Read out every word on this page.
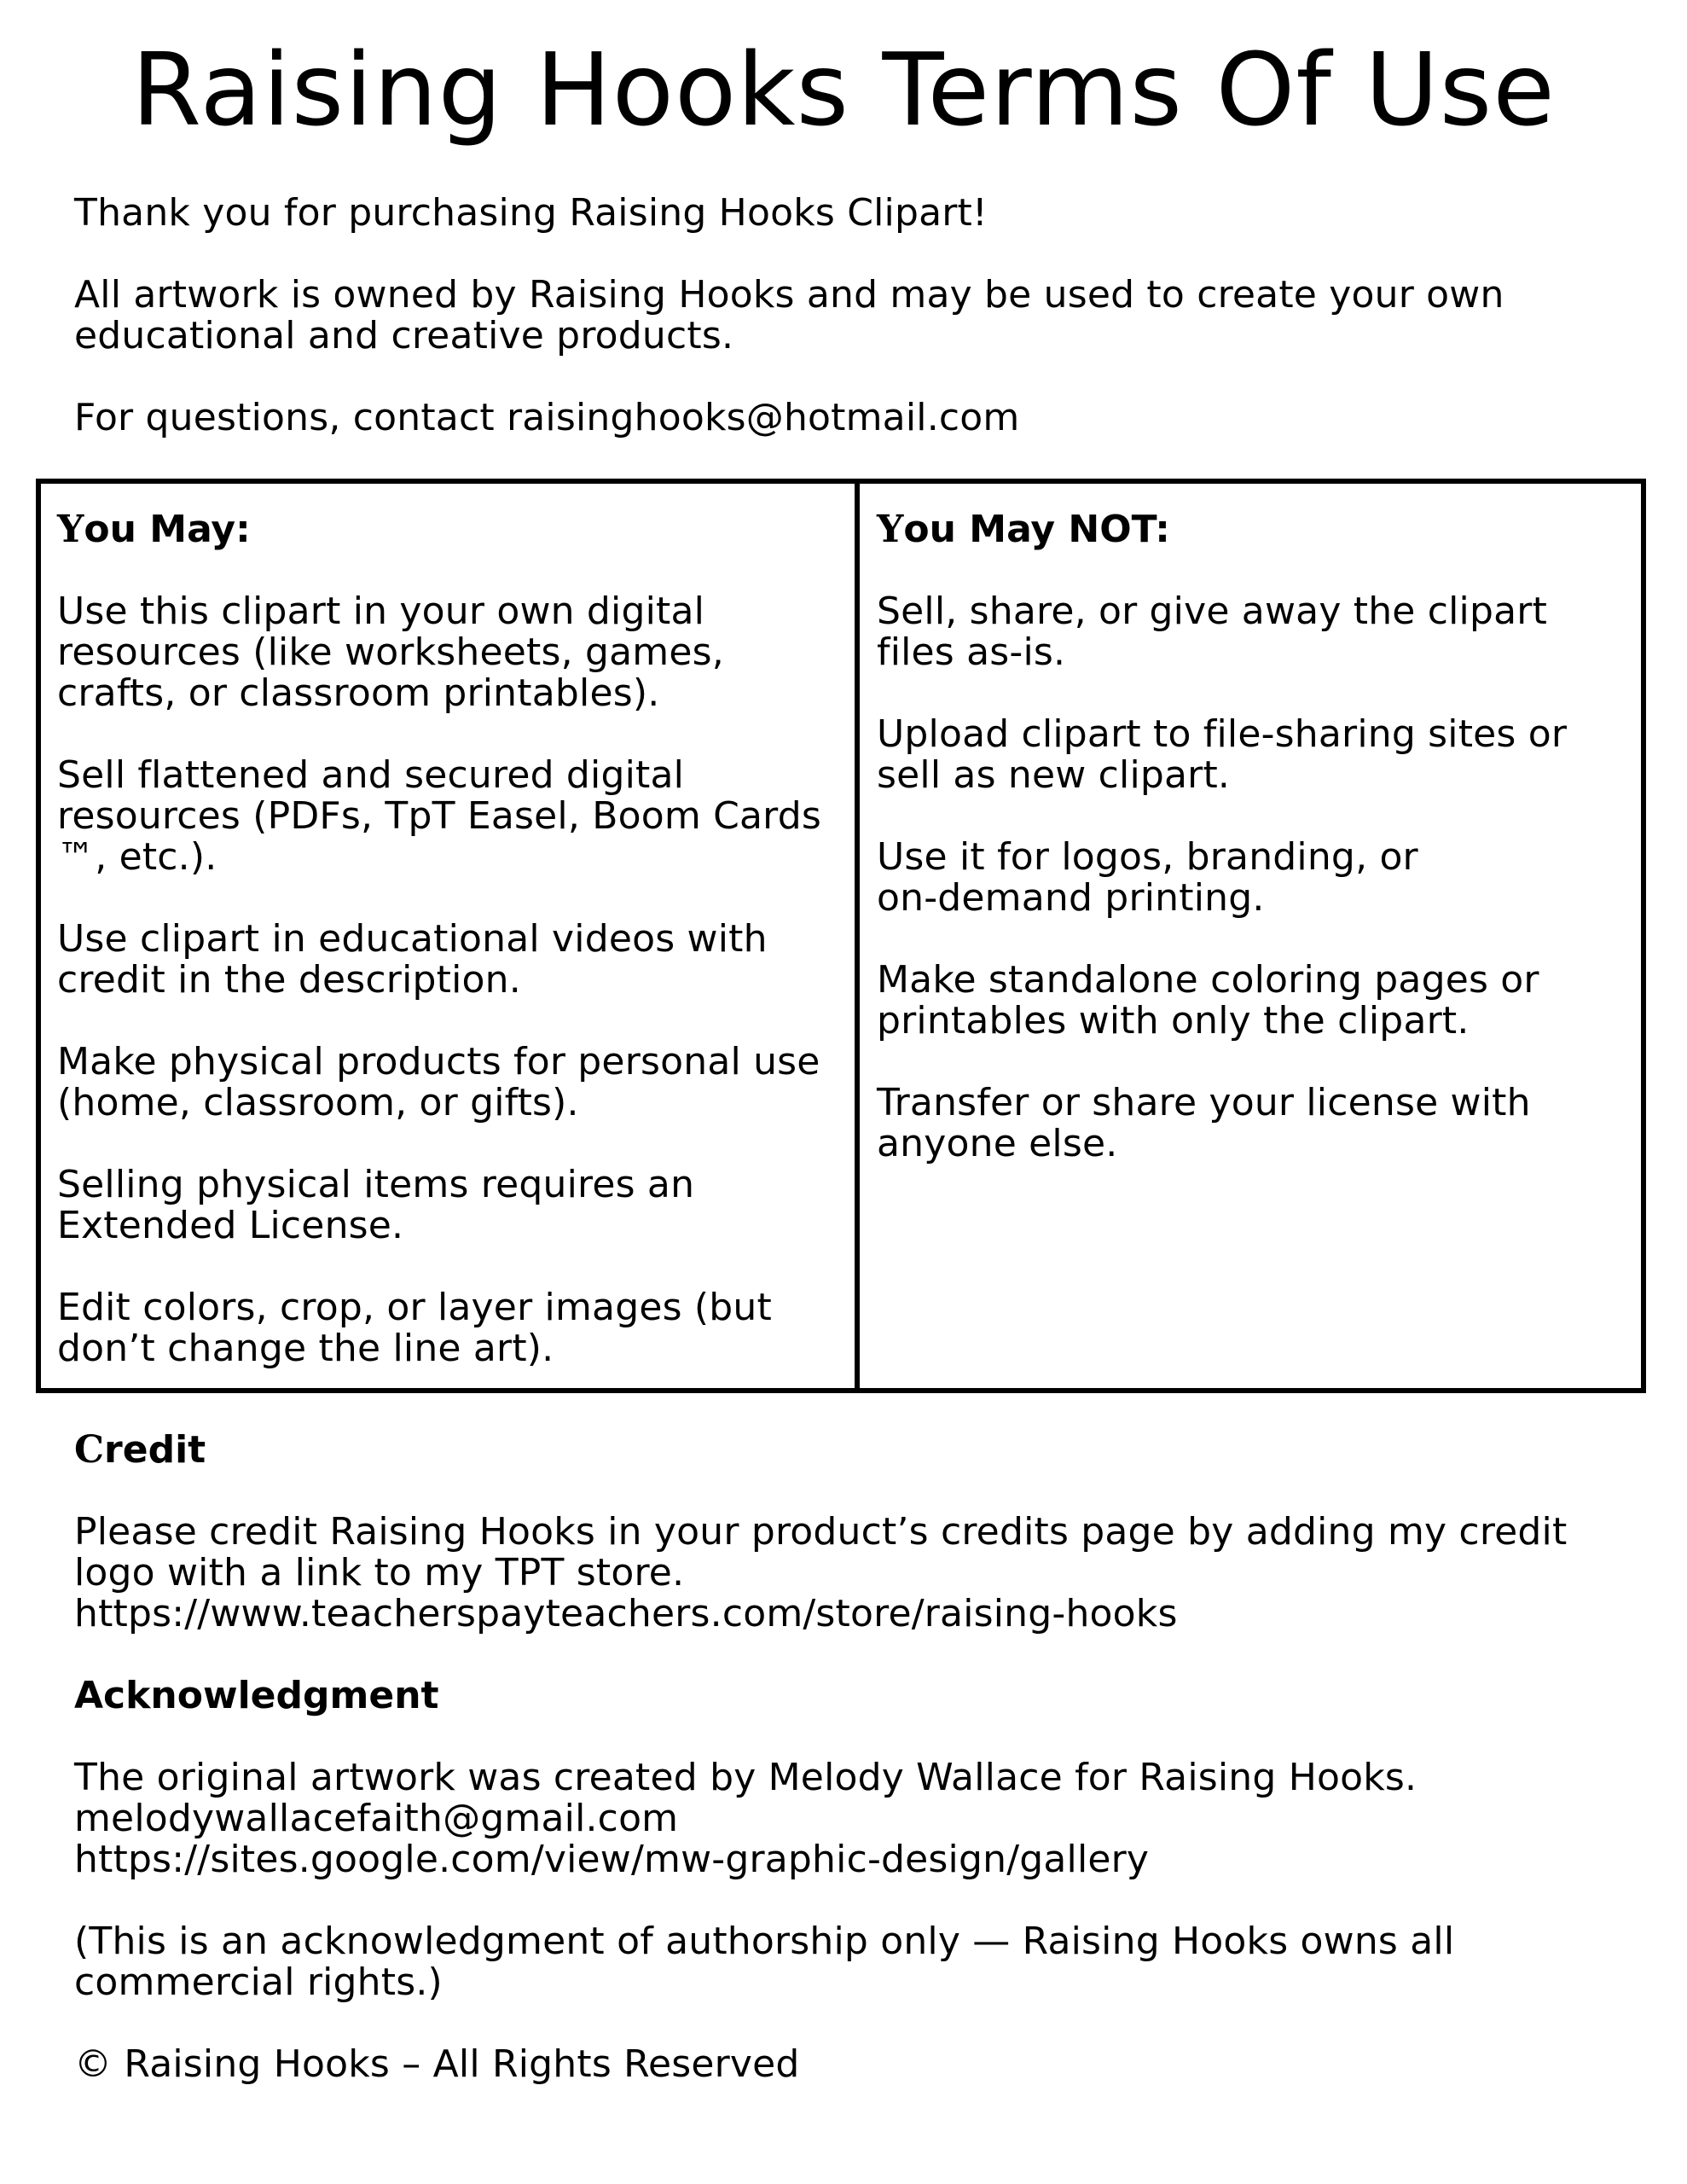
Raising Hooks Terms Of Use

Thank you for purchasing Raising Hooks Clipart!

All artwork is owned by Raising Hooks and may be used to create your own
educational and creative products.

For questions, contact raisinghooks@hotmail.com

You May:

Use this clipart in your own digital
resources (like worksheets, games,
crafts, or classroom printables).

Sell flattened and secured digital
resources (PDFs, TpT Easel, Boom Cards
™, etc.).

Use clipart in educational videos with
credit in the description.

Make physical products for personal use
(home, classroom, or gifts).

Selling physical items requires an
Extended License.

Edit colors, crop, or layer images (but
don’t change the line art).

You May NOT:

Sell, share, or give away the clipart
files as-is.

Upload clipart to file-sharing sites or
sell as new clipart.

Use it for logos, branding, or
on-demand printing.

Make standalone coloring pages or
printables with only the clipart.

Transfer or share your license with
anyone else.

Credit

Please credit Raising Hooks in your product’s credits page by adding my credit
logo with a link to my TPT store.
https://www.teacherspayteachers.com/store/raising-hooks

Acknowledgment

The original artwork was created by Melody Wallace for Raising Hooks.
melodywallacefaith@gmail.com
https://sites.google.com/view/mw-graphic-design/gallery

(This is an acknowledgment of authorship only — Raising Hooks owns all
commercial rights.)

© Raising Hooks – All Rights Reserved
